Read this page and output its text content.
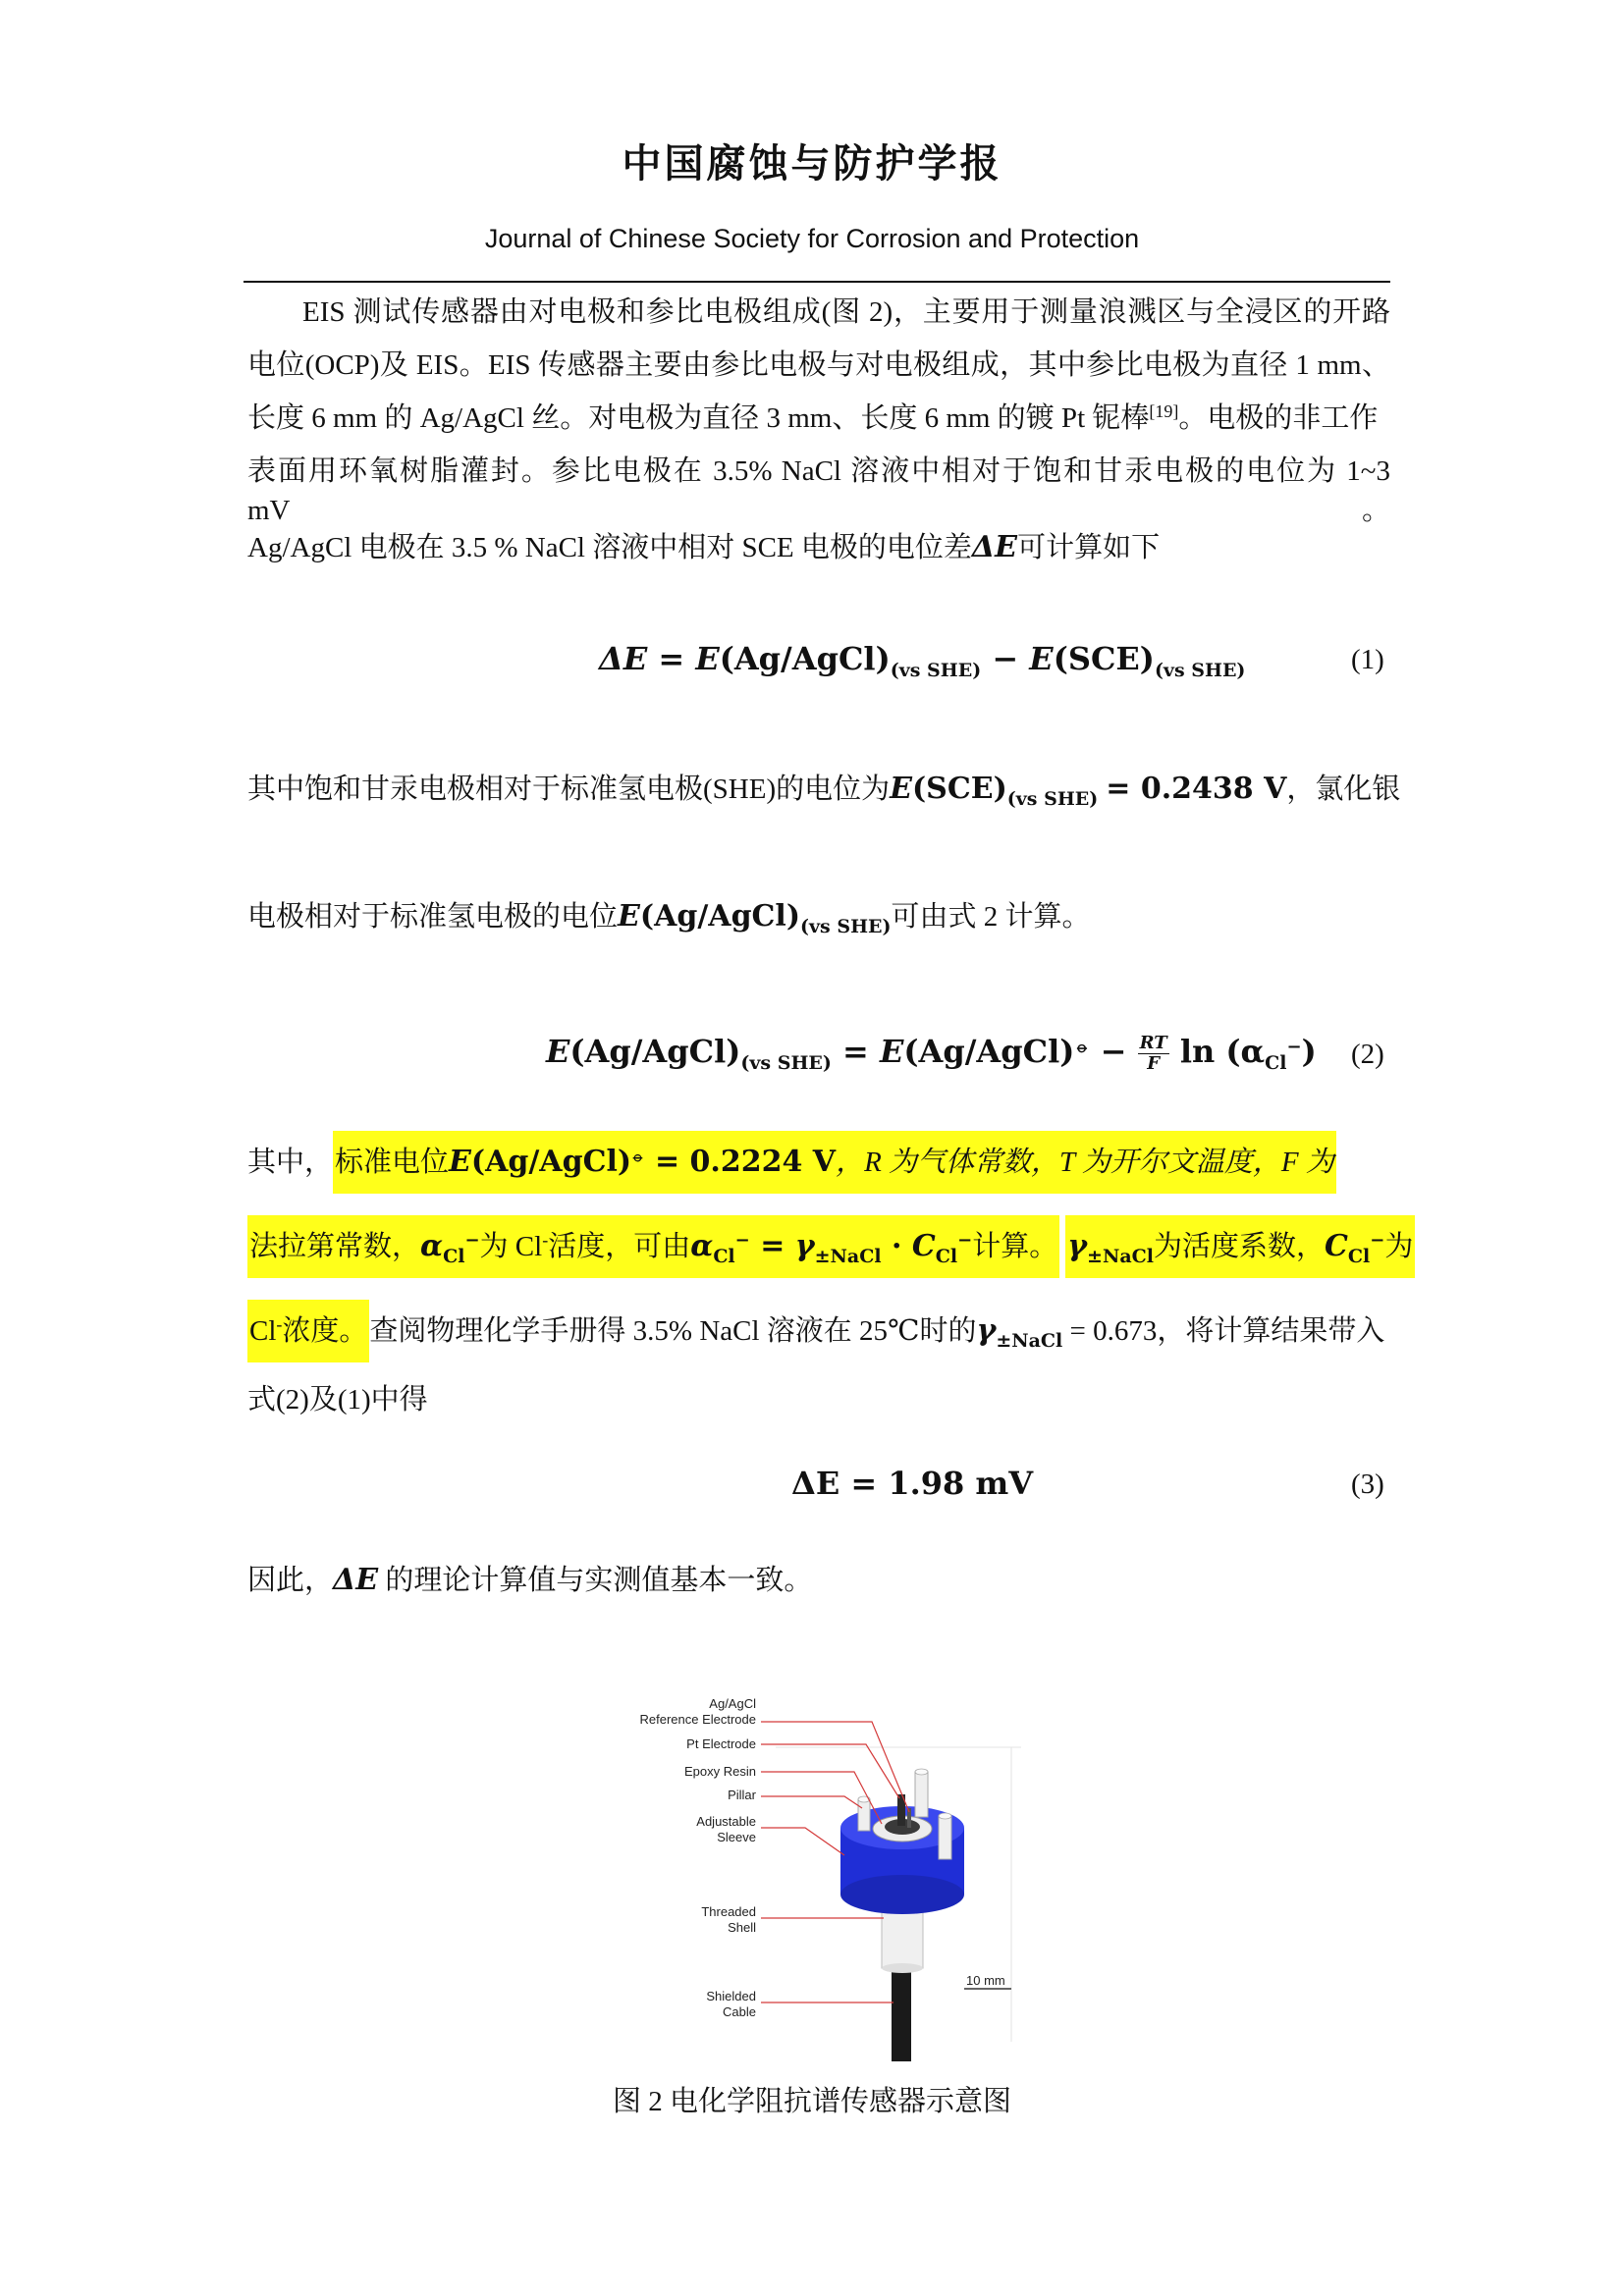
中国腐蚀与防护学报
Journal of Chinese Society for Corrosion and Protection
EIS 测试传感器由对电极和参比电极组成(图 2)，主要用于测量浪溅区与全浸区的开路
电位(OCP)及 EIS。EIS 传感器主要由参比电极与对电极组成，其中参比电极为直径 1 mm、
长度 6 mm 的 Ag/AgCl 丝。对电极为直径 3 mm、长度 6 mm 的镀 Pt 铌棒[19]。电极的非工作
表面用环氧树脂灌封。参比电极在 3.5% NaCl 溶液中相对于饱和甘汞电极的电位为 1~3 mV。
Ag/AgCl 电极在 3.5 % NaCl 溶液中相对 SCE 电极的电位差ΔE可计算如下
$\Delta E = E(Ag/AgCl)_{(vs SHE)} - E(SCE)_{(vs SHE)}$	(1)
其中饱和甘汞电极相对于标准氢电极(SHE)的电位为$E(SCE)_{(vs SHE)} = 0.2438$ V，氯化银
电极相对于标准氢电极的电位$E(Ag/AgCl)_{(vs SHE)}$可由式 2 计算。
$E(Ag/AgCl)_{(vs SHE)}$ = E(Ag/AgCl)⦵ − $\frac{RT}{F}$ $\ln (\alpha_{Cl}^-)$ (2)
其中，标准电位E(Ag/AgCl)⦵ = 0.2224 V，R 为气体常数，T 为开尔文温度，F 为
法拉第常数，$\alpha_{Cl}^-$为 Cl-活度，可由$\alpha_{Cl}^- = \gamma_{\pm NaCl} \cdot C_{Cl}^-$计算。 $\gamma_{\pm NaCl}$为活度系数，$C_{Cl}^-$为
Cl-浓度。查阅物理化学手册得 3.5% NaCl 溶液在 25℃时的$\gamma_{\pm NaCl} = 0.673$，将计算结果带入
式(2)及(1)中得
ΔE = 1.98 mV	(3)
因此，ΔE 的理论计算值与实测值基本一致。
Ag/AgCl
Reference Electrode
Pt Electrode
Epoxy Resin
Pillar
Adjustable
Sleeve
Threaded
Shell
Shielded
Cable
10 mm
图 2 电化学阻抗谱传感器示意图
